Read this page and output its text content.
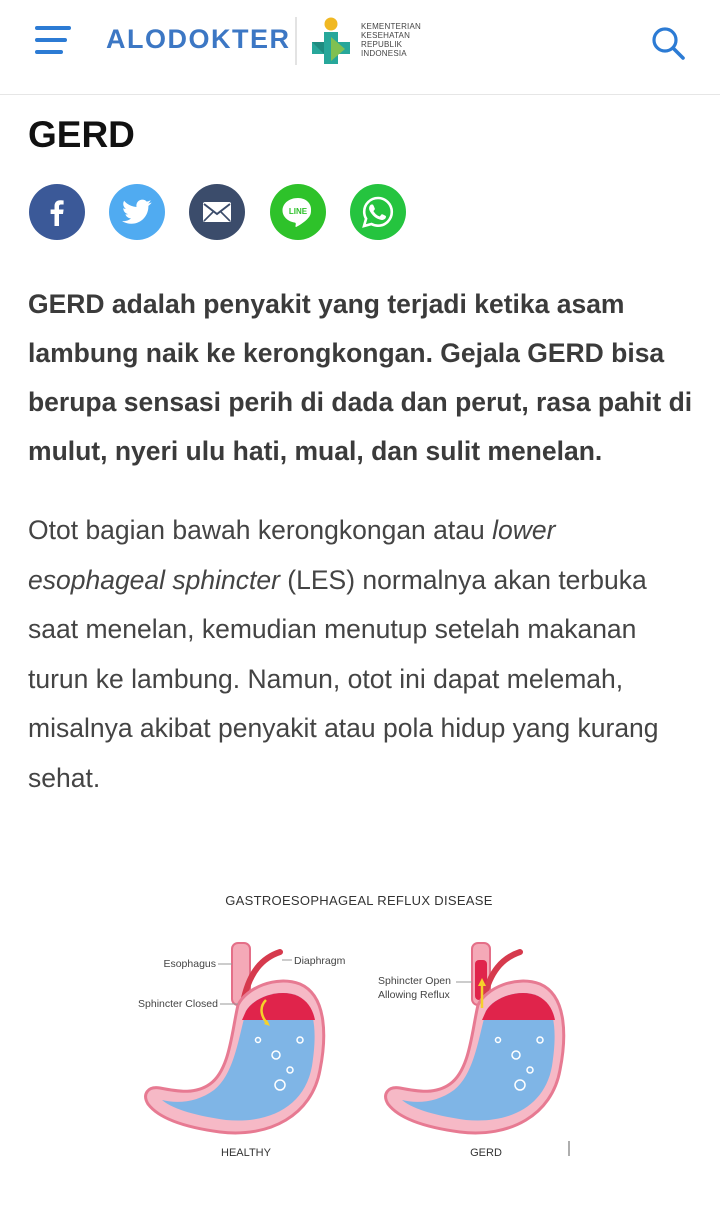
ALODOKTER	KEMENTERIAN
KESEHATAN
REPUBLIK
INDONESIA
GERD
LINE

GERD adalah penyakit yang terjadi ketika asam lambung naik ke kerongkongan. Gejala GERD bisa berupa sensasi perih di dada dan perut, rasa pahit di mulut, nyeri ulu hati, mual, dan sulit menelan.

Otot bagian bawah kerongkongan atau lower esophageal sphincter (LES) normalnya akan terbuka saat menelan, kemudian menutup setelah makanan turun ke lambung. Namun, otot ini dapat melemah, misalnya akibat penyakit atau pola hidup yang kurang sehat.

GASTROESOPHAGEAL REFLUX DISEASE
Esophagus	Diaphragm
Sphincter Closed
HEALTHY
Sphincter Open
Allowing Reflux
GERD
